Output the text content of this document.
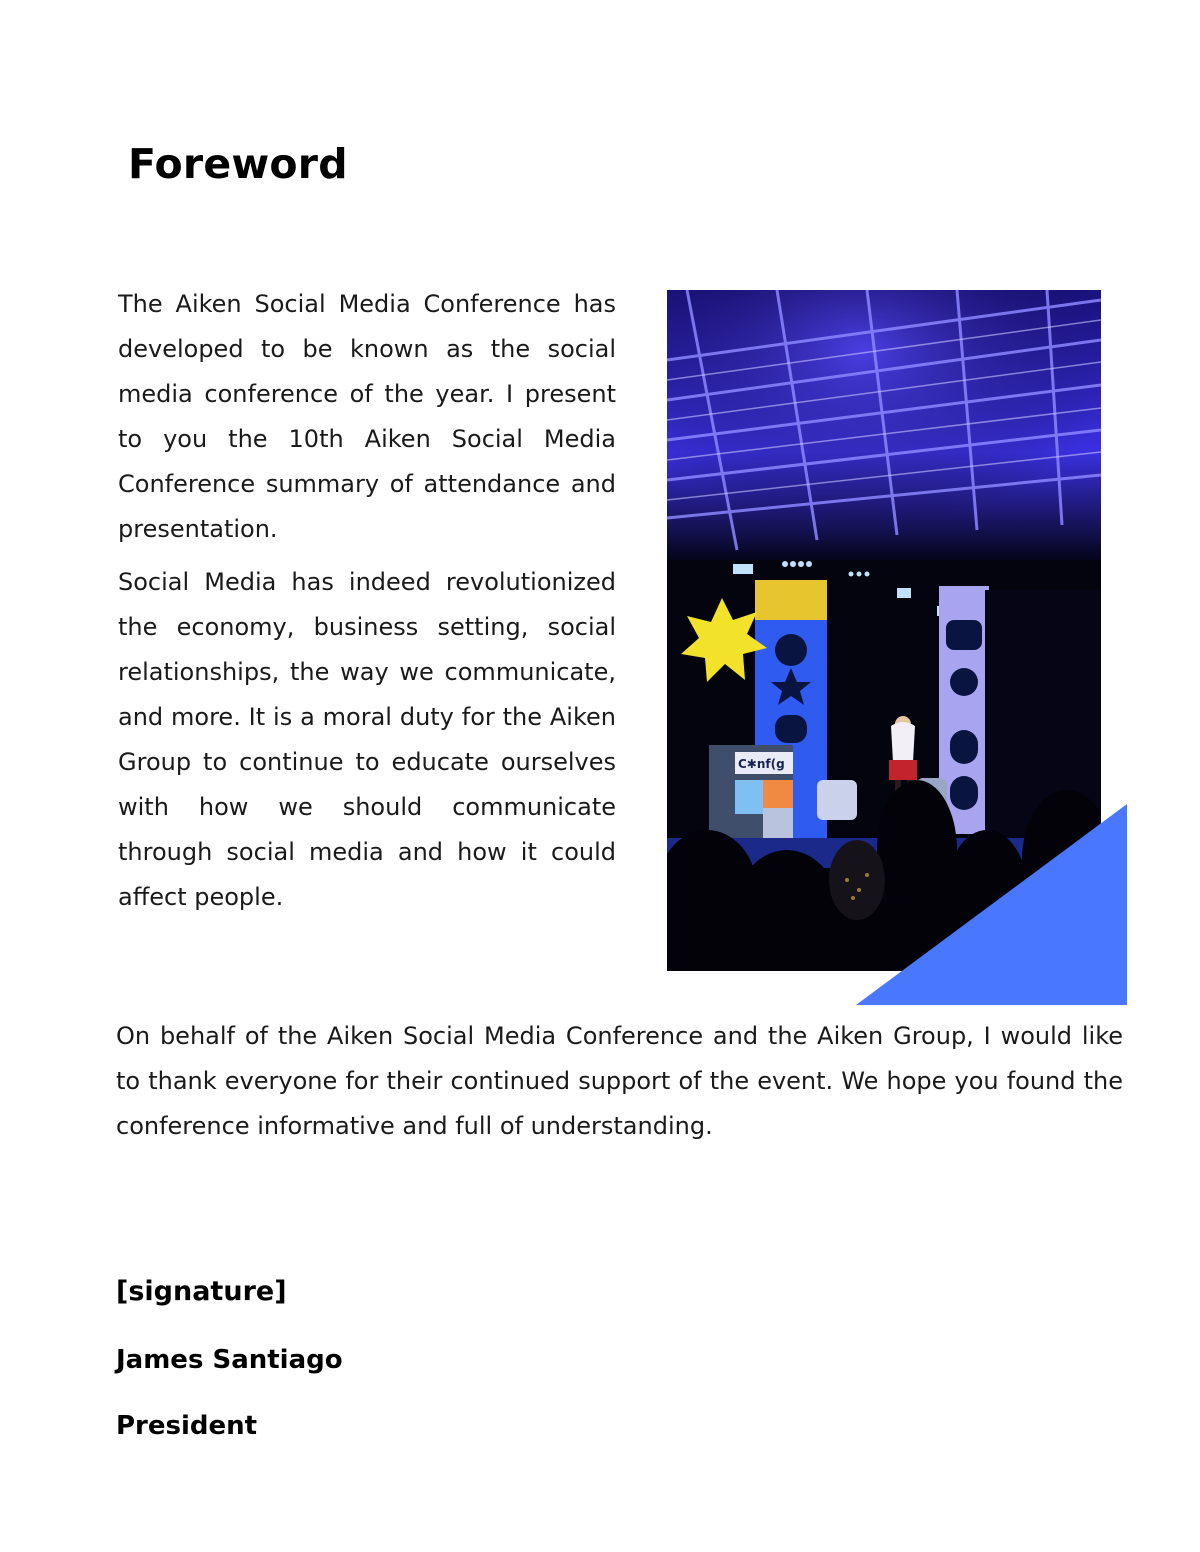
Foreword

The Aiken Social Media Conference has developed to be known as the social media conference of the year. I present to you the 10th Aiken Social Media Conference summary of attendance and presentation.

Social Media has indeed revolutionized the economy, business setting, social relationships, the way we communicate, and more. It is a moral duty for the Aiken Group to continue to educate ourselves with how we should communicate through social media and how it could affect people.

C✱nf(g

On behalf of the Aiken Social Media Conference and the Aiken Group, I would like to thank everyone for their continued support of the event. We hope you found the conference informative and full of understanding.

[signature]

James Santiago

President
